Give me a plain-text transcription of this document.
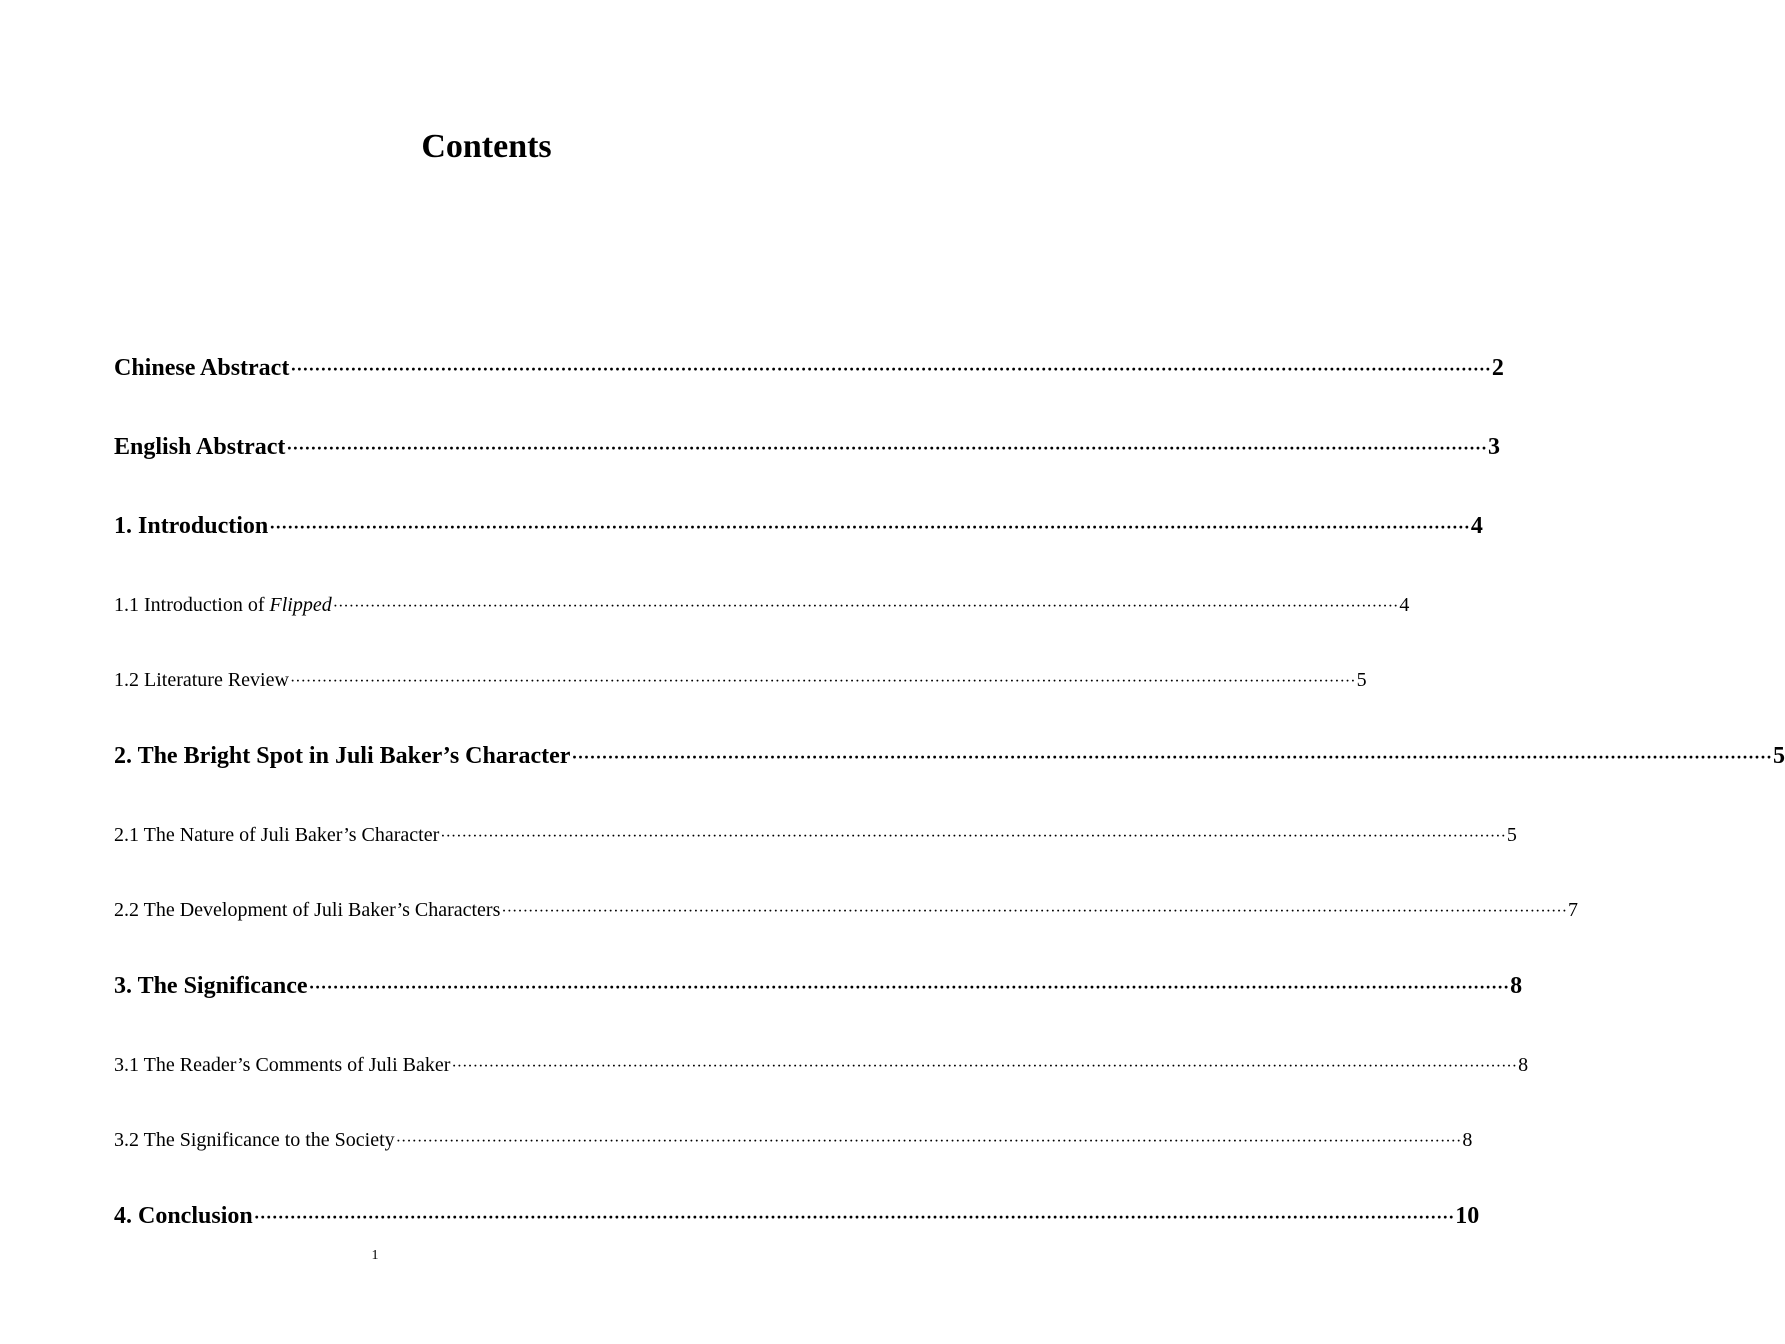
Contents
Chinese Abstract ········································································································································································································ 2
English Abstract ········································································································································································································ 3
1. Introduction ········································································································································································································ 4
1.1 Introduction of Flipped ········································································································································································································ 4
1.2 Literature Review ········································································································································································································ 5
2. The Bright Spot in Juli Baker’s Character ········································································································································································································ 5
2.1 The Nature of Juli Baker’s Character ········································································································································································································ 5
2.2 The Development of Juli Baker’s Characters ········································································································································································································ 7
3. The Significance ········································································································································································································ 8
3.1 The Reader’s Comments of Juli Baker ········································································································································································································ 8
3.2 The Significance to the Society ········································································································································································································ 8
4. Conclusion ········································································································································································································ 10
1
